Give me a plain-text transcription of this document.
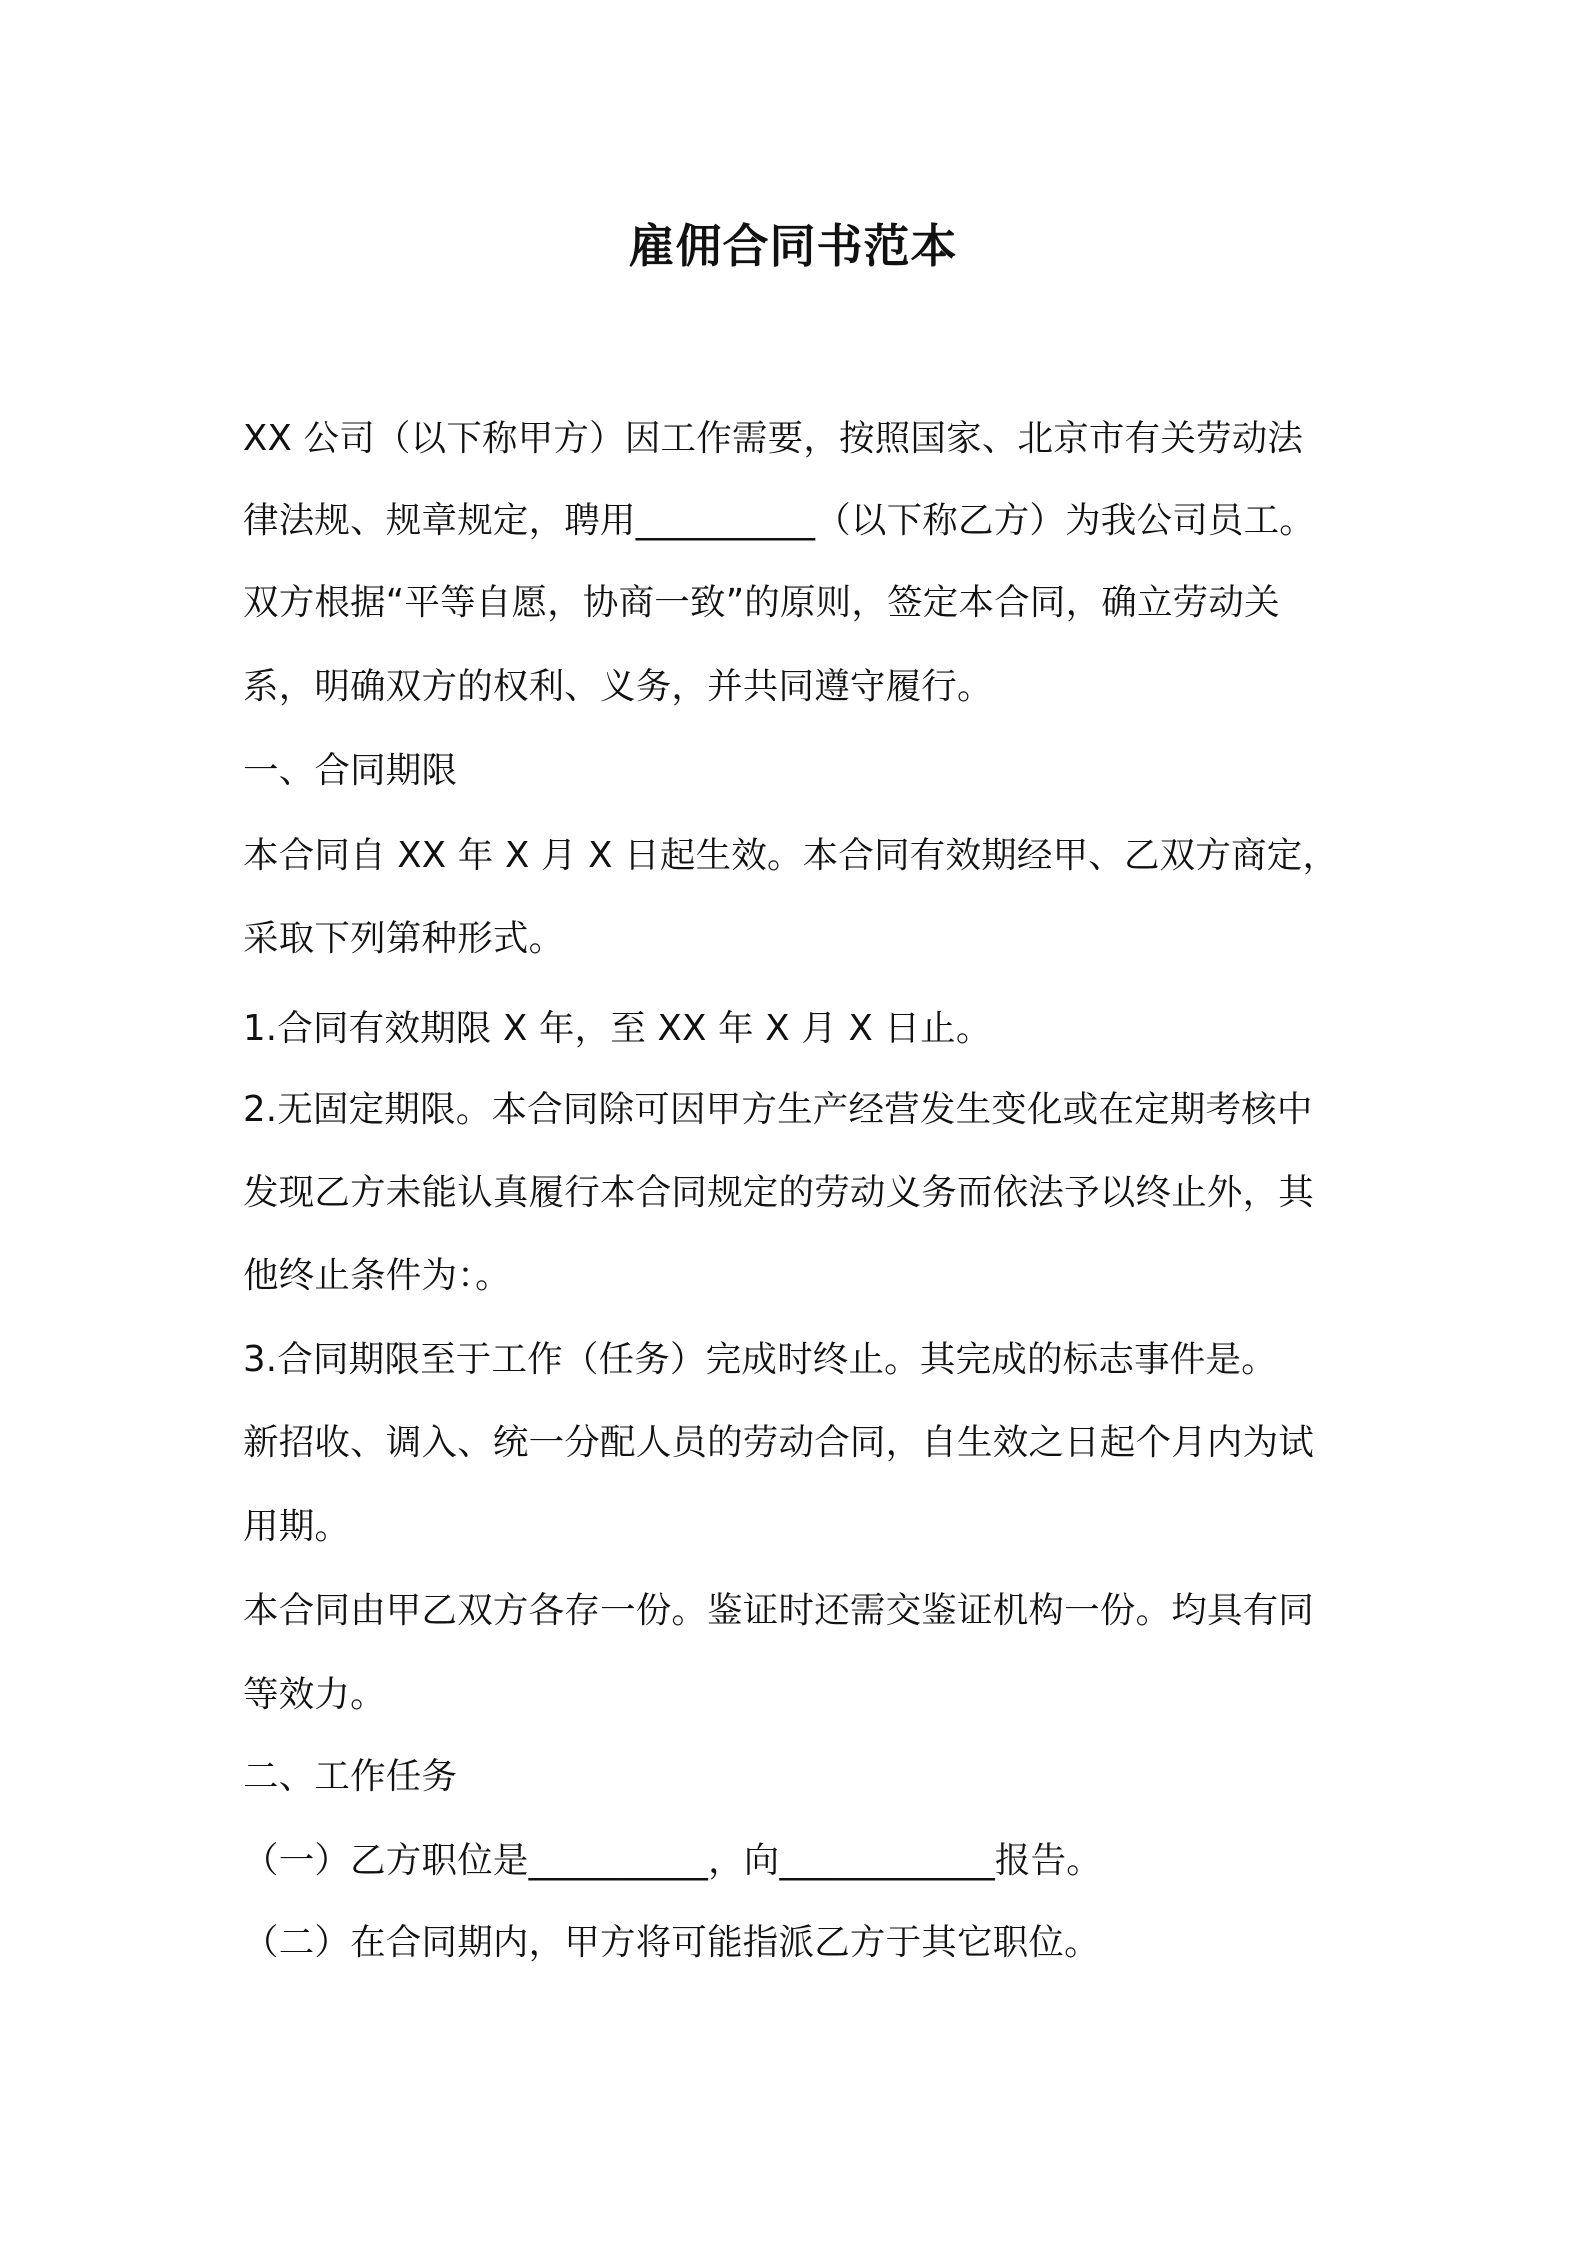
雇佣合同书范本
XX 公司（以下称甲方）因工作需要，按照国家、北京市有关劳动法
律法规、规章规定，聘用__________（以下称乙方）为我公司员工。
双方根据“平等自愿，协商一致”的原则，签定本合同，确立劳动关
系，明确双方的权利、义务，并共同遵守履行。
一、合同期限
本合同自 XX 年 X 月 X 日起生效。本合同有效期经甲、乙双方商定，
采取下列第种形式。
1.合同有效期限 X 年，至 XX 年 X 月 X 日止。
2.无固定期限。本合同除可因甲方生产经营发生变化或在定期考核中
发现乙方未能认真履行本合同规定的劳动义务而依法予以终止外，其
他终止条件为：。
3.合同期限至于工作（任务）完成时终止。其完成的标志事件是。
新招收、调入、统一分配人员的劳动合同，自生效之日起个月内为试
用期。
本合同由甲乙双方各存一份。鉴证时还需交鉴证机构一份。均具有同
等效力。
二、工作任务
（一）乙方职位是__________，向____________报告。
（二）在合同期内，甲方将可能指派乙方于其它职位。
